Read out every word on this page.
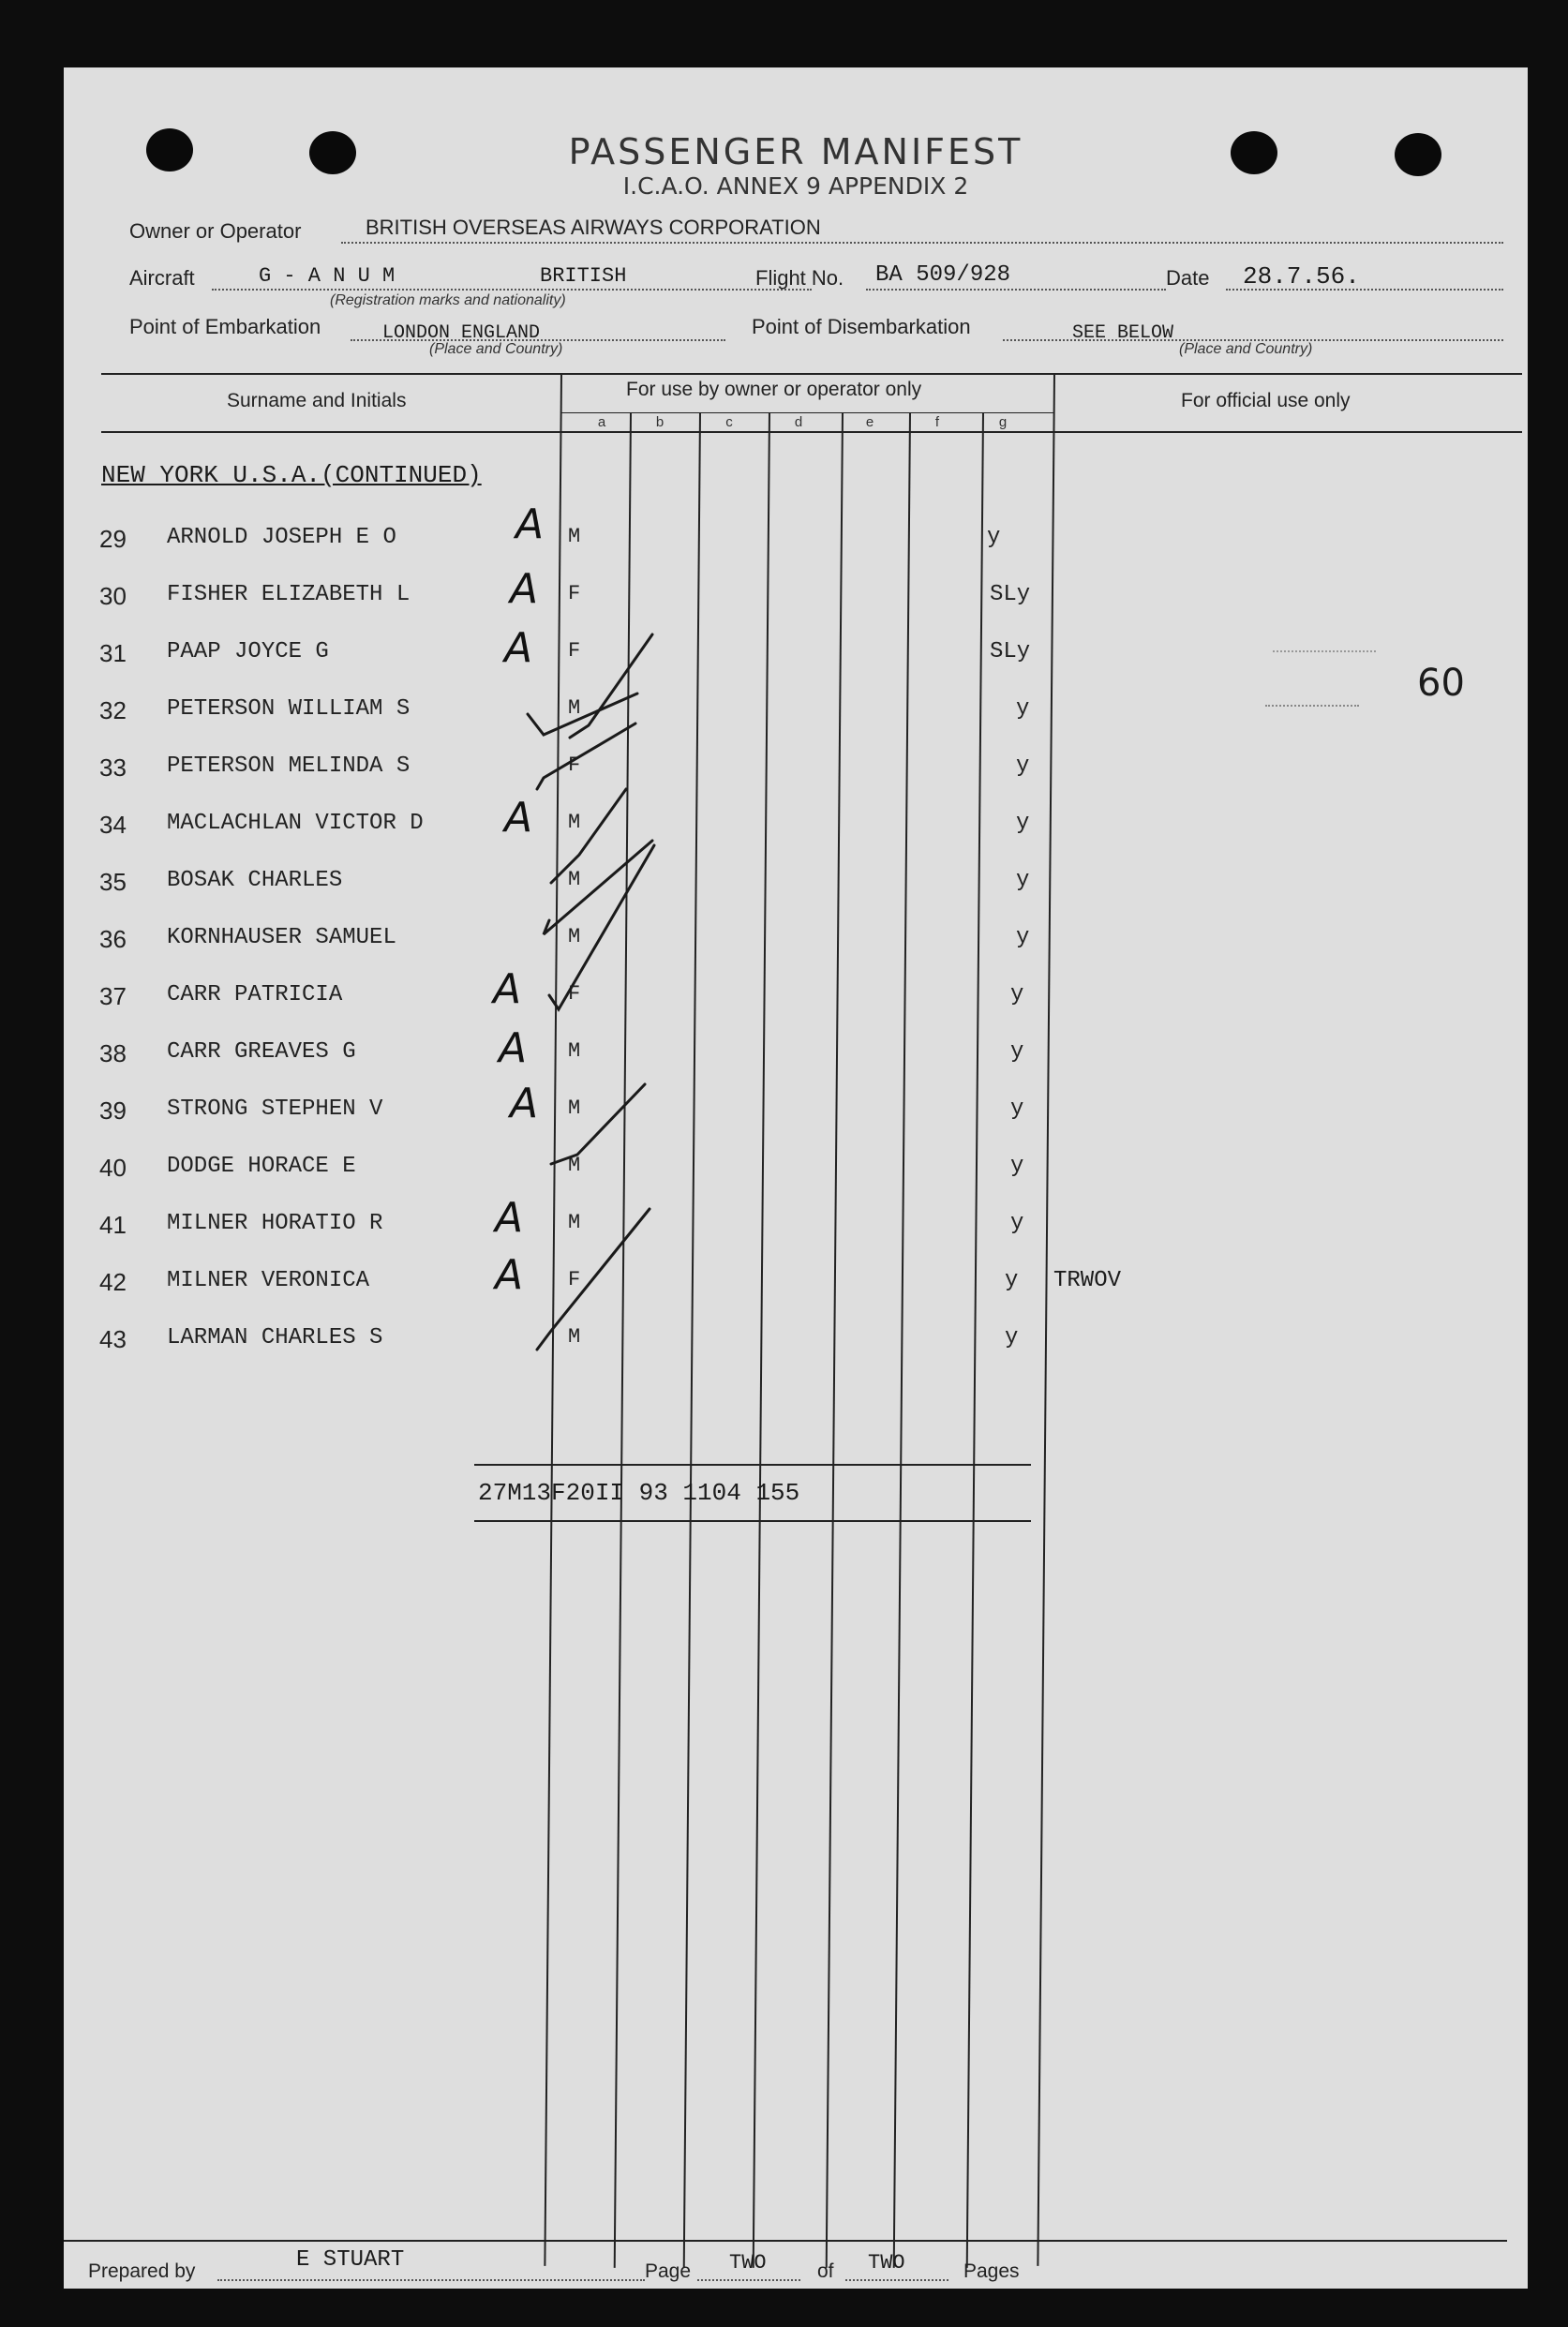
PASSENGER MANIFEST
I.C.A.O. ANNEX 9 APPENDIX 2
Owner or Operator	BRITISH OVERSEAS AIRWAYS CORPORATION
Aircraft	G - A N U M	BRITISH
(Registration marks and nationality)
Flight No. BA 509/928	Date 28.7.56.
Point of Embarkation	LONDON ENGLAND
(Place and Country)
Point of Disembarkation	SEE BELOW
(Place and Country)
Surname and Initials
For use by owner or operator only
For official use only
a	b	c	d	e	f	g
NEW YORK U.S.A.(CONTINUED)
29 ARNOLD JOSEPH E O	A M	y
30 FISHER ELIZABETH L A F	SLy
31 PAAP JOYCE G	A F	SLy
32 PETERSON WILLIAM S	M	y
33 PETERSON MELINDA S	F	y
34 MACLACHLAN VICTOR D A M	y
35 BOSAK CHARLES	M	y
36 KORNHAUSER SAMUEL	M	y
37 CARR PATRICIA	A F	y
38 CARR GREAVES G	A M	y
39 STRONG STEPHEN V	A M	y
40 DODGE HORACE E	M	y
41 MILNER HORATIO R	A M	y
42 MILNER VERONICA	A F	y TRWOV
43 LARMAN CHARLES S	M	y
60
27M13F20II 93 1104 155
Prepared by	E STUART	Page TWO	of TWO	Pages
